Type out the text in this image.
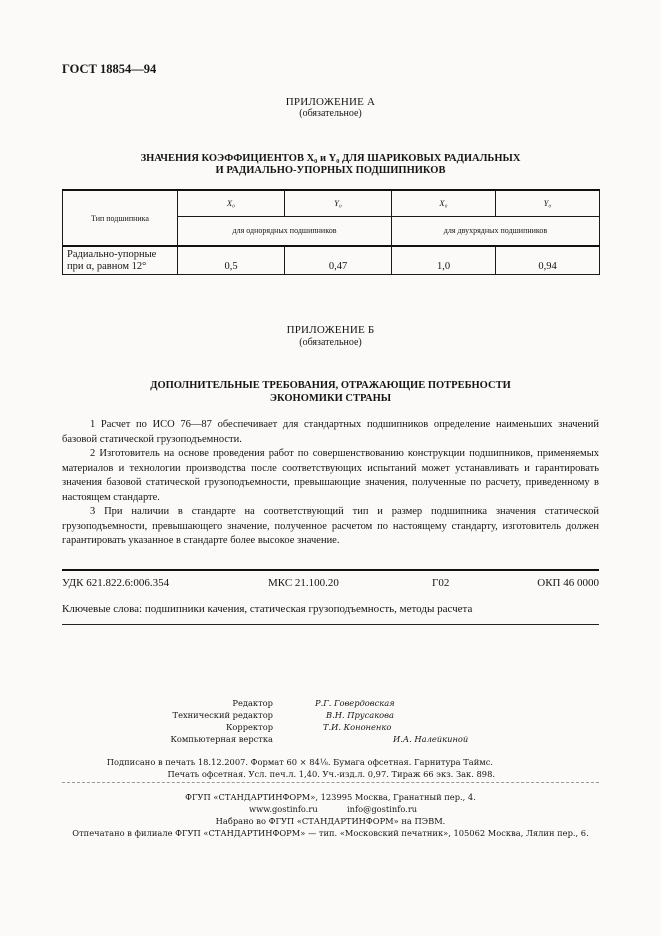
ГОСТ 18854—94
ПРИЛОЖЕНИЕ А
(обязательное)
ЗНАЧЕНИЯ КОЭФФИЦИЕНТОВ X₀ и Y₀ ДЛЯ ШАРИКОВЫХ РАДИАЛЬНЫХ
И РАДИАЛЬНО-УПОРНЫХ ПОДШИПНИКОВ
Тип подшипника	X₀	Y₀	X₀	Y₀
	для однорядных подшипников		для двухрядных подшипников	
Радиально-упорные
при α, равном 12°	0,5	0,47	1,0	0,94
ПРИЛОЖЕНИЕ Б
(обязательное)
ДОПОЛНИТЕЛЬНЫЕ ТРЕБОВАНИЯ, ОТРАЖАЮЩИЕ ПОТРЕБНОСТИ
ЭКОНОМИКИ СТРАНЫ

1 Расчет по ИСО 76—87 обеспечивает для стандартных подшипников определение наименьших значений базовой статической грузоподъемности.

2 Изготовитель на основе проведения работ по совершенствованию конструкции подшипников, применяемых материалов и технологии производства после соответствующих испытаний может устанавливать и гарантировать значения базовой статической грузоподъемности, превышающие значения, полученные по расчету, приведенному в настоящем стандарте.

3 При наличии в стандарте на соответствующий тип и размер подшипника значения статической грузоподъемности, превышающего значение, полученное расчетом по настоящему стандарту, изготовитель должен гарантировать указанное в стандарте более высокое значение.

УДК 621.822.6:006.354	МКС 21.100.20	Г02	ОКП 46 0000
Ключевые слова: подшипники качения, статическая грузоподъемность, методы расчета
Редактор	Р.Г. Говердовская
Технический редактор	В.Н. Прусакова
Корректор	Т.И. Кононенко
Компьютерная верстка	И.А. Налейкиной
Подписано в печать 18.12.2007. Формат 60 × 84⅛. Бумага офсетная. Гарнитура Таймс.
Печать офсетная. Усл. печ.л. 1,40. Уч.-изд.л. 0,97. Тираж 66 экз. Зак. 898.
ФГУП «СТАНДАРТИНФОРМ», 123995 Москва, Гранатный пер., 4.
www.gostinfo.ru	info@gostinfo.ru
Набрано во ФГУП «СТАНДАРТИНФОРМ» на ПЭВМ.
Отпечатано в филиале ФГУП «СТАНДАРТИНФОРМ» — тип. «Московский печатник», 105062 Москва, Лялин пер., 6.
